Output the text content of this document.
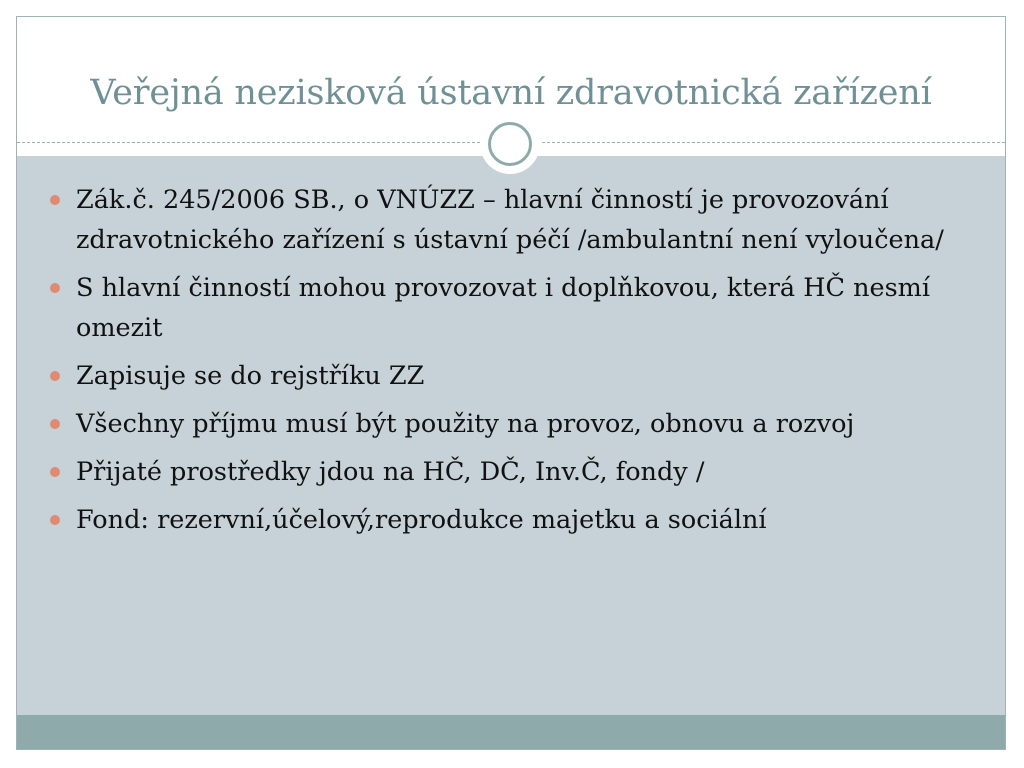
Veřejná nezisková ústavní zdravotnická zařízení
Zák.č. 245/2006 SB., o VNÚZZ – hlavní činností je provozování zdravotnického zařízení s ústavní péčí /ambulantní není vyloučena/
S hlavní činností mohou provozovat i doplňkovou, která HČ nesmí omezit
Zapisuje se do rejstříku ZZ
Všechny příjmu musí být použity na provoz, obnovu a rozvoj
Přijaté prostředky jdou na HČ, DČ, Inv.Č, fondy /
Fond: rezervní,účelový,reprodukce majetku a sociální
